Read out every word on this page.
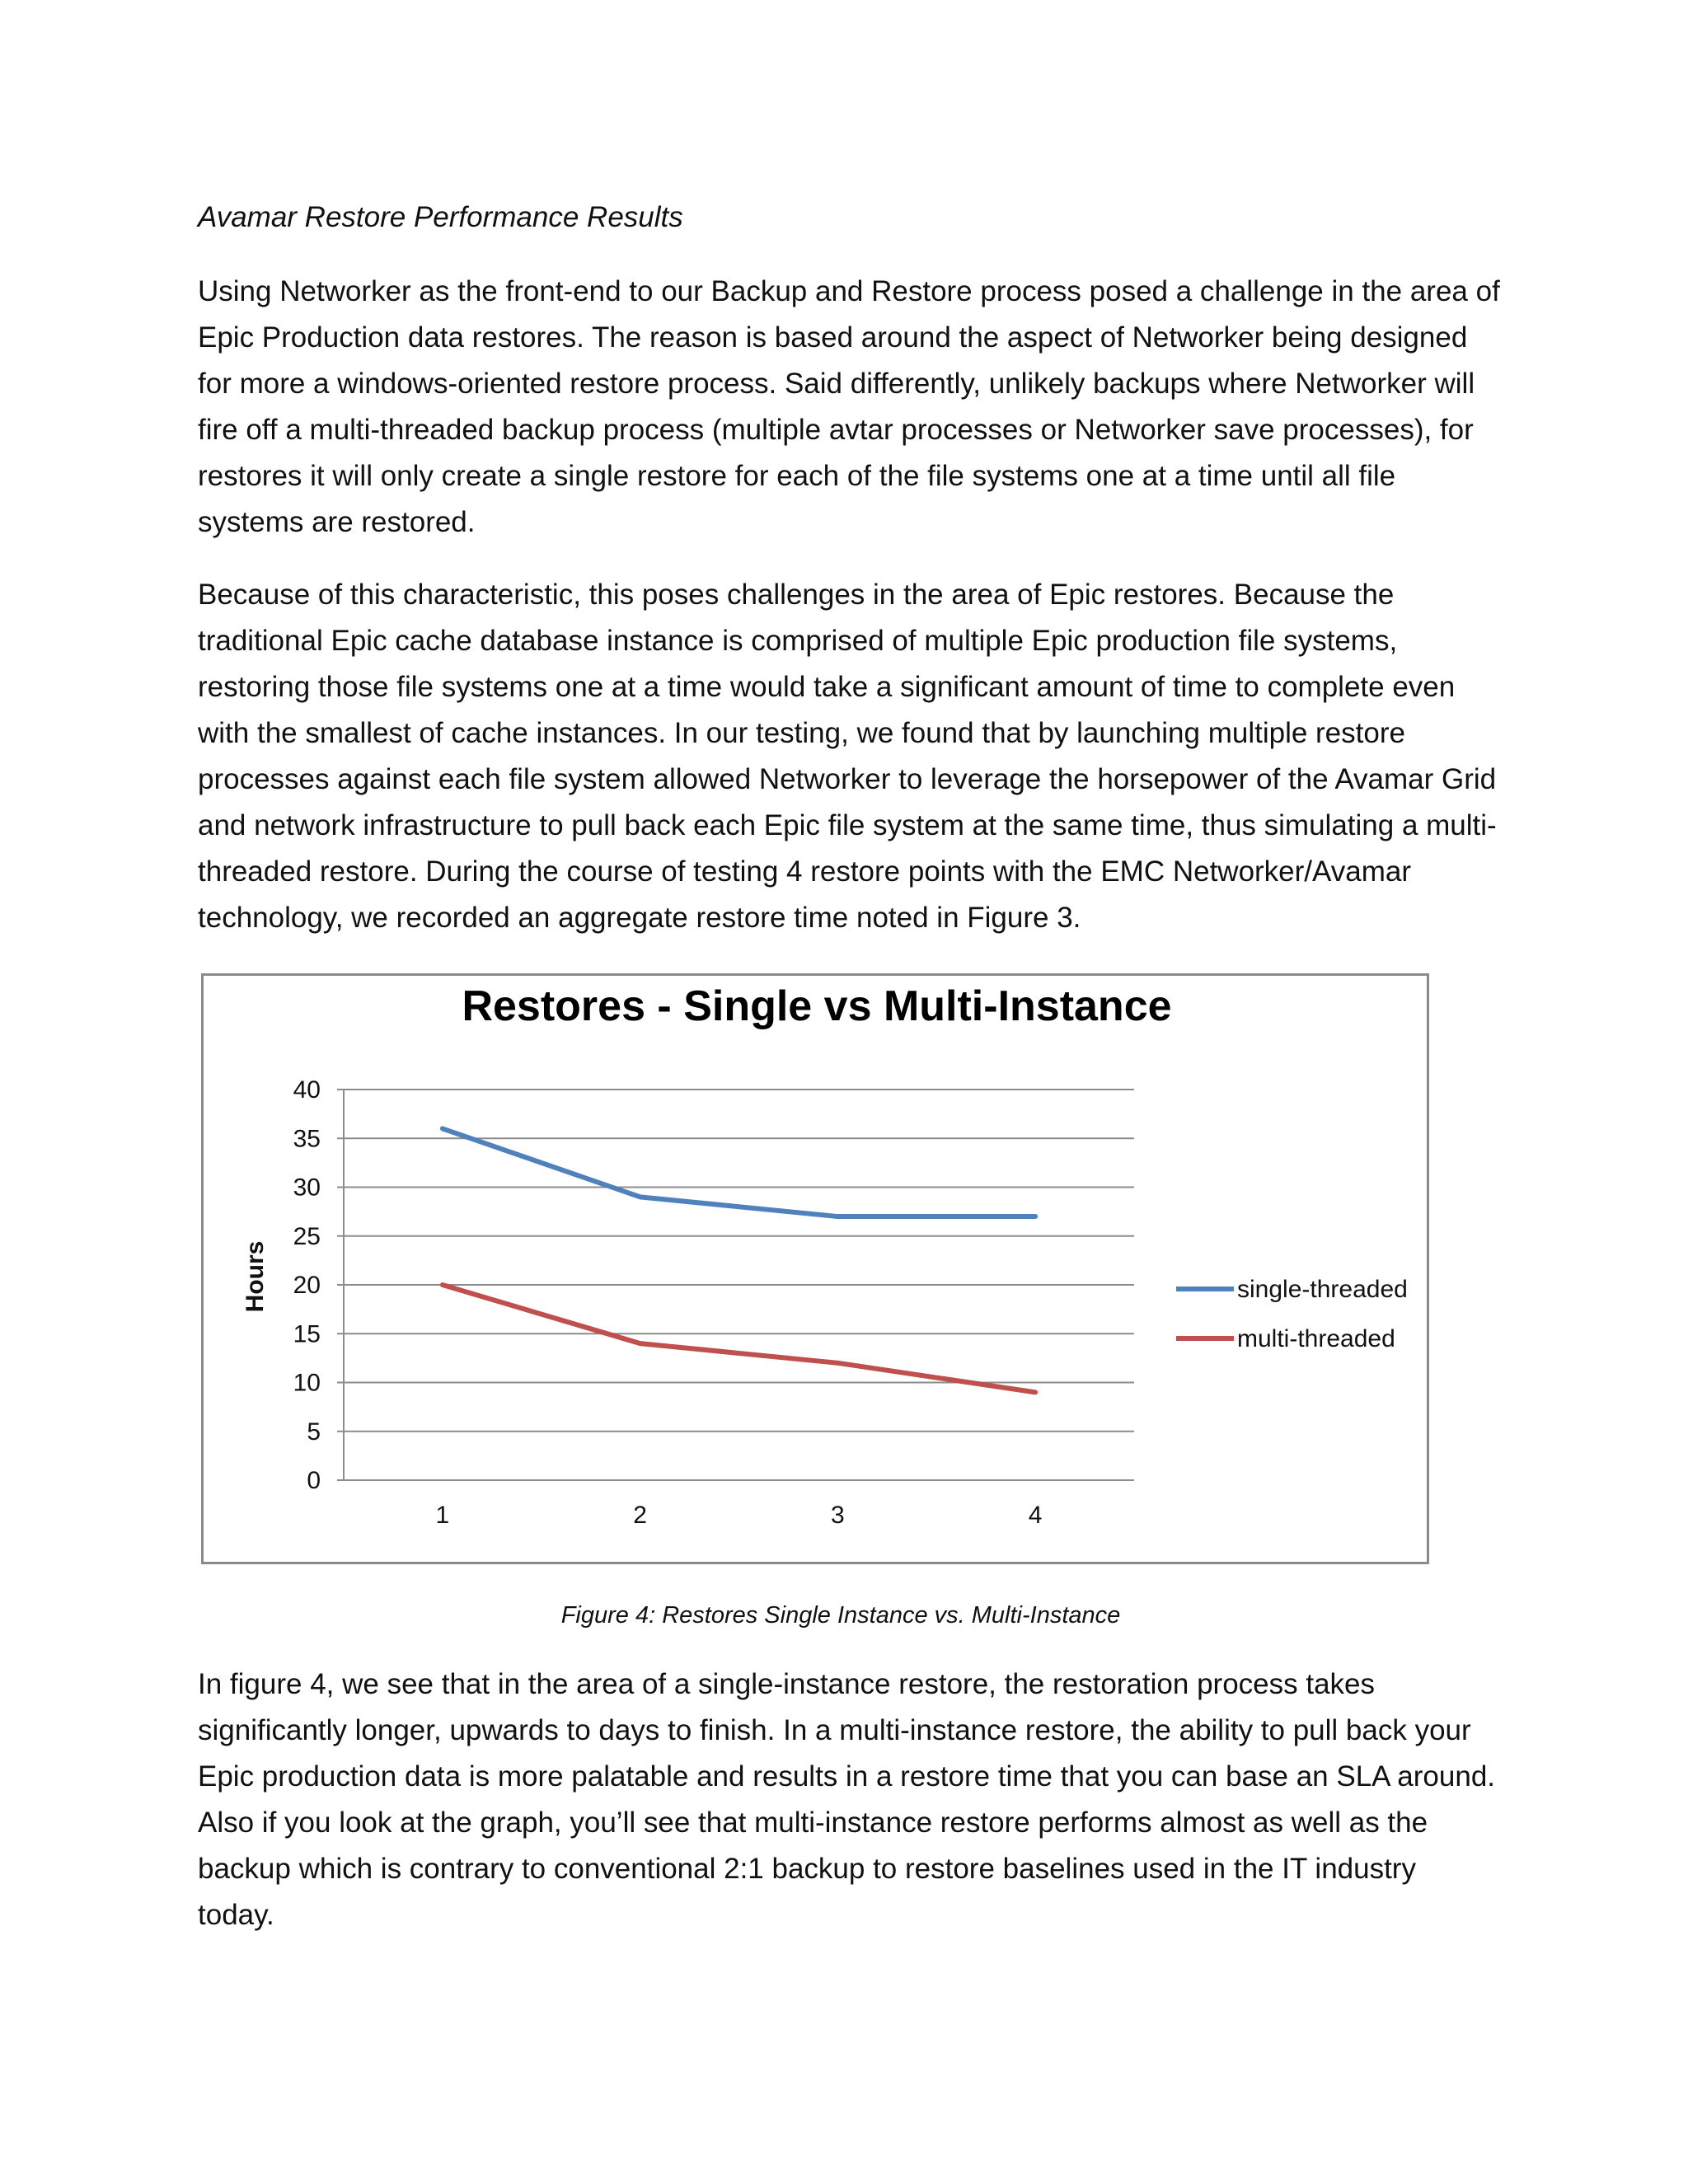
Avamar Restore Performance Results

Using Networker as the front-end to our Backup and Restore process posed a challenge in the area of Epic Production data restores. The reason is based around the aspect of Networker being designed for more a windows-oriented restore process. Said differently, unlikely backups where Networker will fire off a multi-threaded backup process (multiple avtar processes or Networker save processes), for restores it will only create a single restore for each of the file systems one at a time until all file systems are restored.

Because of this characteristic, this poses challenges in the area of Epic restores. Because the traditional Epic cache database instance is comprised of multiple Epic production file systems, restoring those file systems one at a time would take a significant amount of time to complete even with the smallest of cache instances. In our testing, we found that by launching multiple restore processes against each file system allowed Networker to leverage the horsepower of the Avamar Grid and network infrastructure to pull back each Epic file system at the same time, thus simulating a multi-threaded restore. During the course of testing 4 restore points with the EMC Networker/Avamar technology, we recorded an aggregate restore time noted in Figure 3.

Restores - Single vs Multi-Instance
Hours
0
5
10
15
20
25
30
35
40
1	2	3	4
single-threaded
multi-threaded

Figure 4: Restores Single Instance vs. Multi-Instance

In figure 4, we see that in the area of a single-instance restore, the restoration process takes significantly longer, upwards to days to finish. In a multi-instance restore, the ability to pull back your Epic production data is more palatable and results in a restore time that you can base an SLA around. Also if you look at the graph, you’ll see that multi-instance restore performs almost as well as the backup which is contrary to conventional 2:1 backup to restore baselines used in the IT industry today.
